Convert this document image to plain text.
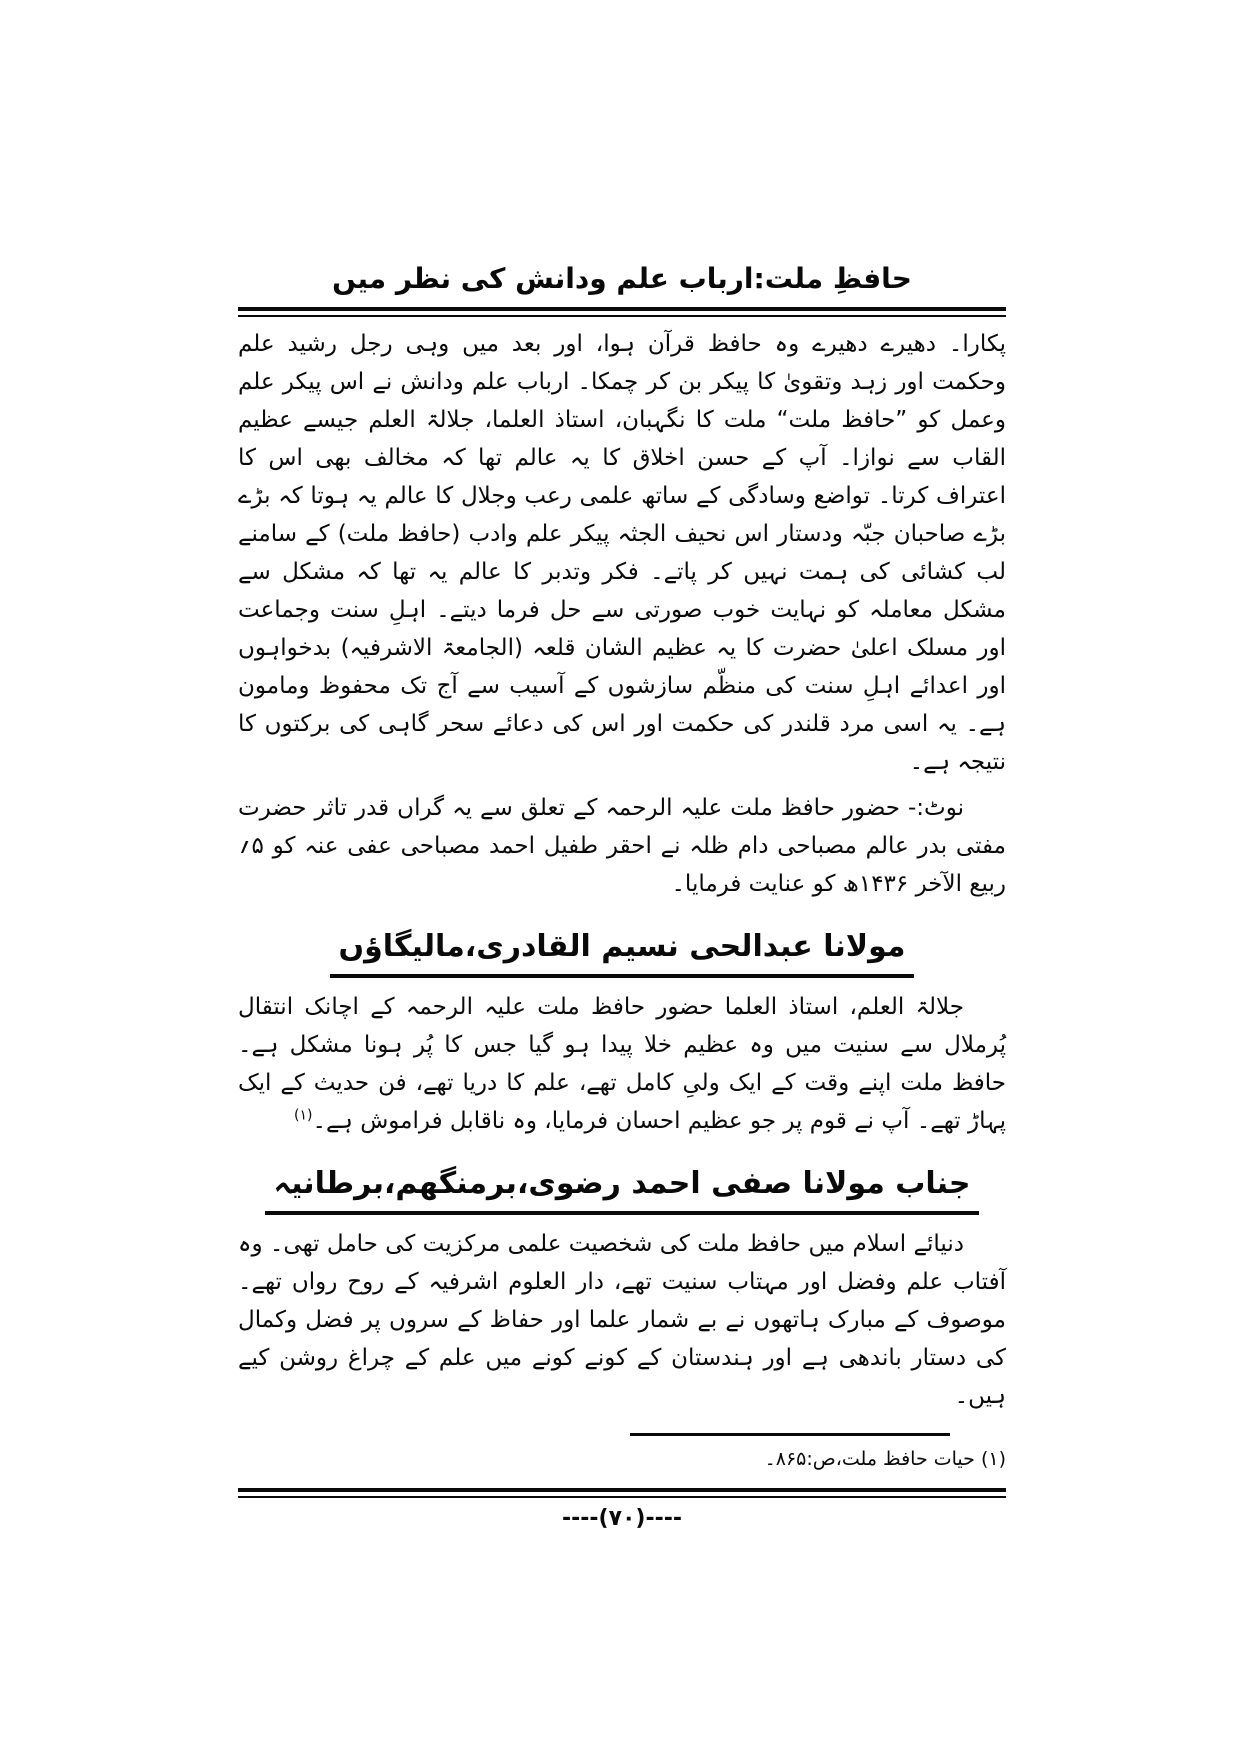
حافظِ ملت:ارباب علم ودانش کی نظر میں

پکارا۔ دھیرے دھیرے وہ حافظ قرآن ہوا، اور بعد میں وہی رجل رشید علم وحکمت اور زہد وتقویٰ کا پیکر بن کر چمکا۔ ارباب علم ودانش نے اس پیکر علم وعمل کو ”حافظ ملت“ ملت کا نگہبان، استاذ العلما، جلالۃ العلم جیسے عظیم القاب سے نوازا۔ آپ کے حسن اخلاق کا یہ عالم تھا کہ مخالف بھی اس کا اعتراف کرتا۔ تواضع وسادگی کے ساتھ علمی رعب وجلال کا عالم یہ ہوتا کہ بڑے بڑے صاحبان جبّہ ودستار اس نحیف الجثہ پیکر علم وادب (حافظ ملت) کے سامنے لب کشائی کی ہمت نہیں کر پاتے۔ فکر وتدبر کا عالم یہ تھا کہ مشکل سے مشکل معاملہ کو نہایت خوب صورتی سے حل فرما دیتے۔ اہلِ سنت وجماعت اور مسلک اعلیٰ حضرت کا یہ عظیم الشان قلعہ (الجامعۃ الاشرفیہ) بدخواہوں اور اعدائے اہلِ سنت کی منظّم سازشوں کے آسیب سے آج تک محفوظ ومامون ہے۔ یہ اسی مرد قلندر کی حکمت اور اس کی دعائے سحر گاہی کی برکتوں کا نتیجہ ہے۔

نوٹ:- حضور حافظ ملت علیہ الرحمہ کے تعلق سے یہ گراں قدر تاثر حضرت مفتی بدر عالم مصباحی دام ظلہ نے احقر طفیل احمد مصباحی عفی عنہ کو ۵؍ ربیع الآخر ۱۴۳۶ھ کو عنایت فرمایا۔

مولانا عبدالحی نسیم القادری،مالیگاؤں

جلالۃ العلم، استاذ العلما حضور حافظ ملت علیہ الرحمہ کے اچانک انتقال پُرملال سے سنیت میں وہ عظیم خلا پیدا ہو گیا جس کا پُر ہونا مشکل ہے۔ حافظ ملت اپنے وقت کے ایک ولیِ کامل تھے، علم کا دریا تھے، فن حدیث کے ایک پہاڑ تھے۔ آپ نے قوم پر جو عظیم احسان فرمایا، وہ ناقابل فراموش ہے۔$^{(۱)}$

جناب مولانا صفی احمد رضوی،برمنگھم،برطانیہ

دنیائے اسلام میں حافظ ملت کی شخصیت علمی مرکزیت کی حامل تھی۔ وہ آفتاب علم وفضل اور مہتاب سنیت تھے، دار العلوم اشرفیہ کے روح رواں تھے۔ موصوف کے مبارک ہاتھوں نے بے شمار علما اور حفاظ کے سروں پر فضل وکمال کی دستار باندھی ہے اور ہندستان کے کونے کونے میں علم کے چراغ روشن کیے ہیں۔

(۱) حیات حافظ ملت،ص:۸۶۵۔
----(۷۰)----
